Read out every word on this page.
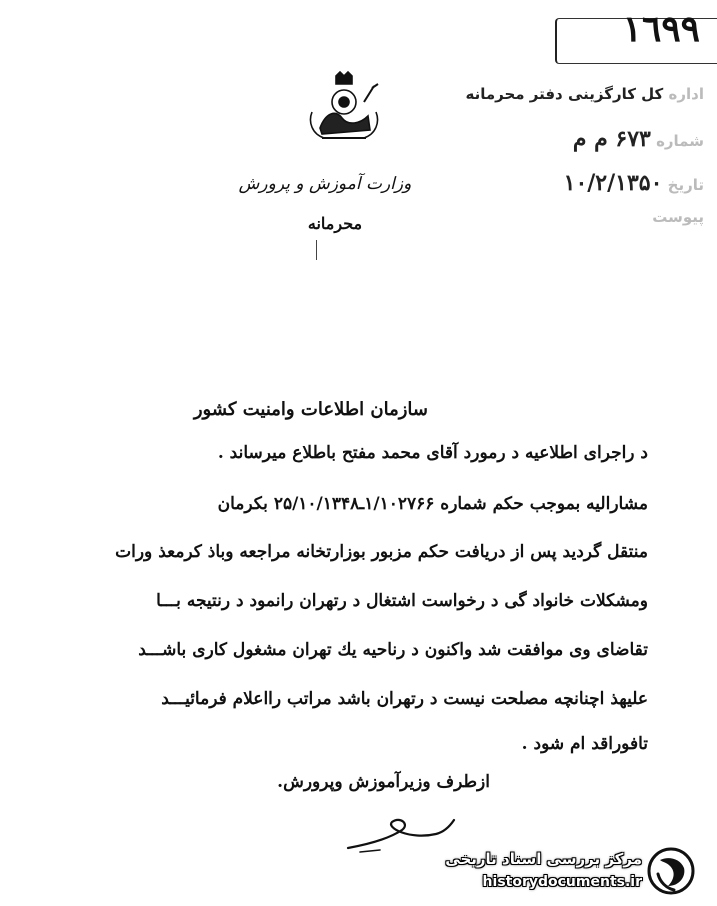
١٦٩٩
اداره کل کارگزینی دفتر محرمانه
شماره ۶۷۳ م م
تاریخ ۱۰/۲/۱۳۵۰
پیوست
وزارت آموزش و پرورش
محرمانه
سازمان اطلاعات وامنیت کشور
د راجرای اطلاعیه د رمورد آقای محمد مفتح باطلاع میرساند .
مشارالیه بموجب حکم شماره ۱/۱۰۲۷۶۶ـ۲۵/۱۰/۱۳۴۸ بکرمان
منتقل گردید پس از دریافت حکم مزبور بوزارتخانه مراجعه وباذ کرمعذ ورات
ومشکلات خانواد گی د رخواست اشتغال د رتهران رانمود د رنتیجه بـــا
تقاضای وی موافقت شد واکنون د رناحیه یك تهران مشغول کاری باشـــد
علیهذ اچنانچه مصلحت نیست د رتهران باشد مراتب رااعلام فرمائیـــد
تافوراقد ام شود .
ازطرف وزیرآموزش وپرورش.
مرکز بررسی اسناد تاریخی
historydocuments.ir
